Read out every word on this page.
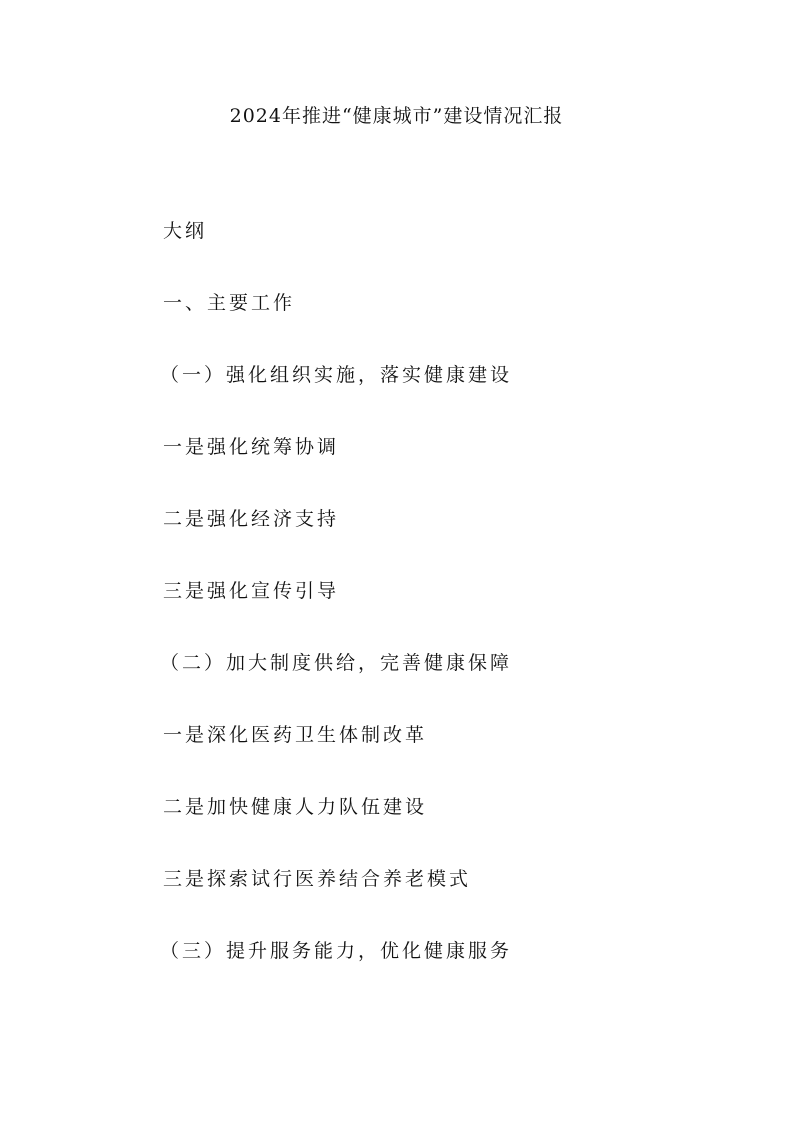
2024年推进“健康城市”建设情况汇报

大纲

一、主要工作

（一）强化组织实施，落实健康建设

一是强化统筹协调

二是强化经济支持

三是强化宣传引导

（二）加大制度供给，完善健康保障

一是深化医药卫生体制改革

二是加快健康人力队伍建设

三是探索试行医养结合养老模式

（三）提升服务能力，优化健康服务
